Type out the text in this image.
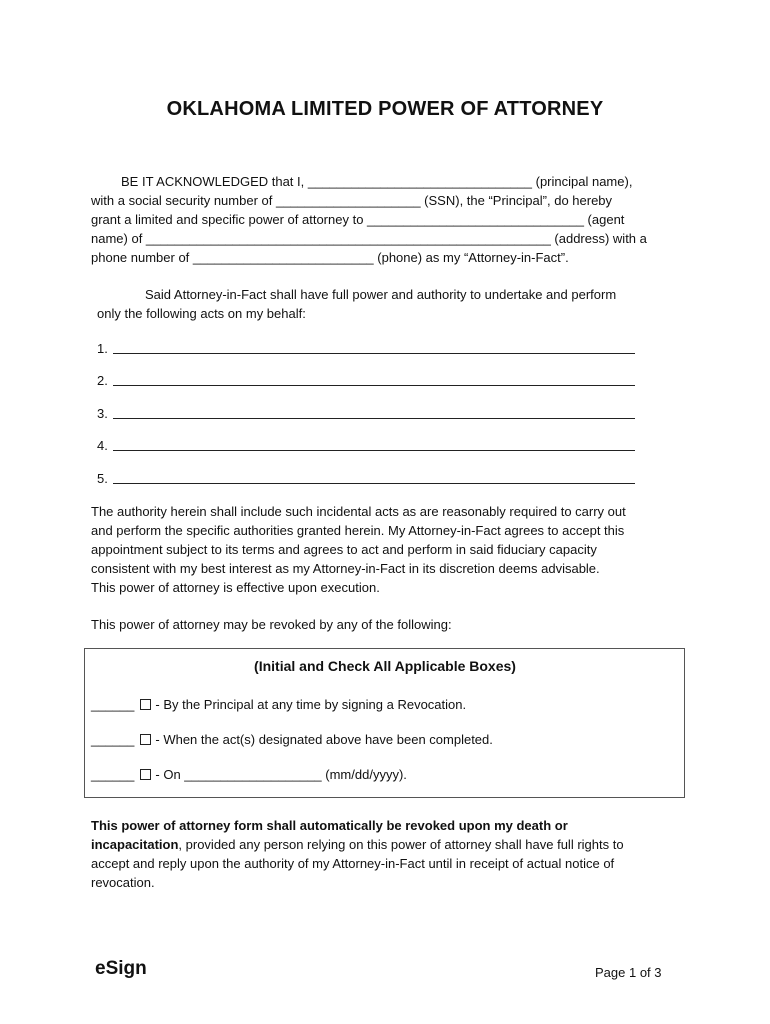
OKLAHOMA LIMITED POWER OF ATTORNEY
BE IT ACKNOWLEDGED that I, _______________________________ (principal name),
with a social security number of ____________________ (SSN), the “Principal”, do hereby
grant a limited and specific power of attorney to ______________________________ (agent
name) of ________________________________________________________ (address) with a
phone number of _________________________ (phone) as my “Attorney-in-Fact”.
Said Attorney-in-Fact shall have full power and authority to undertake and perform
only the following acts on my behalf:
1.
2.
3.
4.
5.
The authority herein shall include such incidental acts as are reasonably required to carry out
and perform the specific authorities granted herein. My Attorney-in-Fact agrees to accept this
appointment subject to its terms and agrees to act and perform in said fiduciary capacity
consistent with my best interest as my Attorney-in-Fact in its discretion deems advisable.
This power of attorney is effective upon execution.
This power of attorney may be revoked by any of the following:
(Initial and Check All Applicable Boxes)
______ - By the Principal at any time by signing a Revocation.
______ - When the act(s) designated above have been completed.
______ - On ___________________ (mm/dd/yyyy).
This power of attorney form shall automatically be revoked upon my death or
incapacitation, provided any person relying on this power of attorney shall have full rights to
accept and reply upon the authority of my Attorney-in-Fact until in receipt of actual notice of
revocation.
eSign	Page 1 of 3
